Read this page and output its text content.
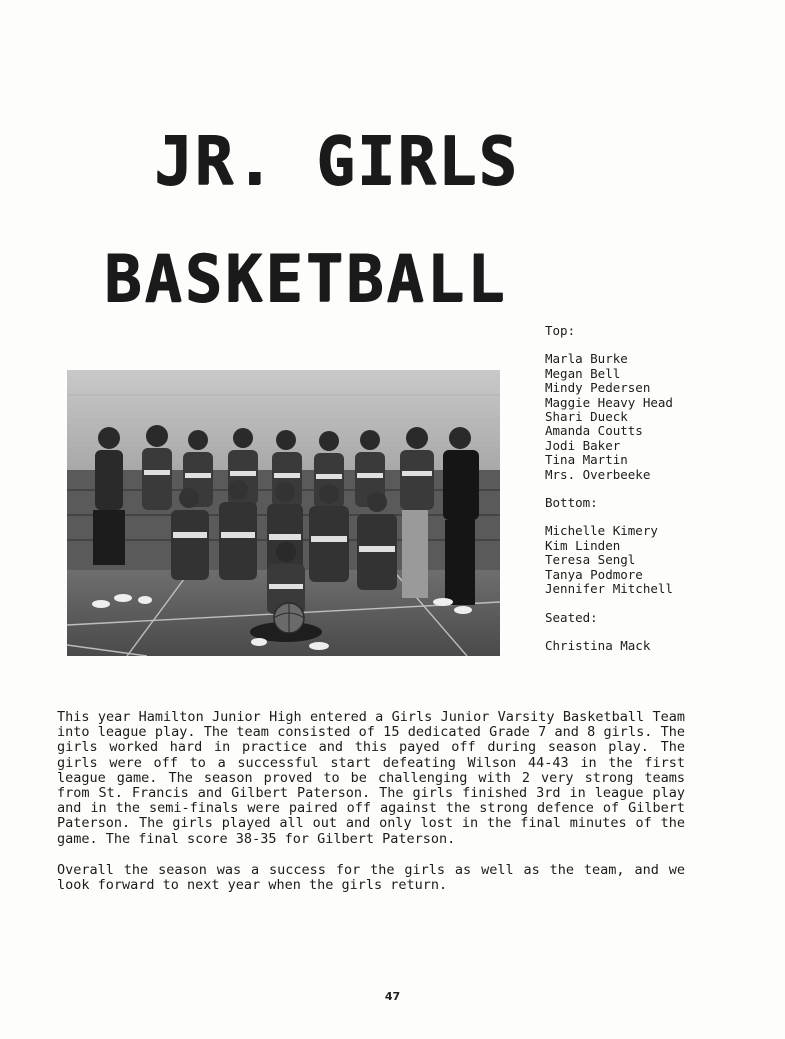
JR. GIRLS
BASKETBALL
Top:
Marla Burke
Megan Bell
Mindy Pedersen
Maggie Heavy Head
Shari Dueck
Amanda Coutts
Jodi Baker
Tina Martin
Mrs. Overbeeke
Bottom:
Michelle Kimery
Kim Linden
Teresa Sengl
Tanya Podmore
Jennifer Mitchell
Seated:
Christina Mack

This year Hamilton Junior High entered a Girls Junior Varsity Basketball Team into league play. The team consisted of 15 dedicated Grade 7 and 8 girls. The girls worked hard in practice and this payed off during season play. The girls were off to a successful start defeating Wilson 44-43 in the first league game. The season proved to be challenging with 2 very strong teams from St. Francis and Gilbert Paterson. The girls finished 3rd in league play and in the semi-finals were paired off against the strong defence of Gilbert Paterson. The girls played all out and only lost in the final minutes of the game. The final score 38-35 for Gilbert Paterson.

Overall the season was a success for the girls as well as the team, and we look forward to next year when the girls return.

47
